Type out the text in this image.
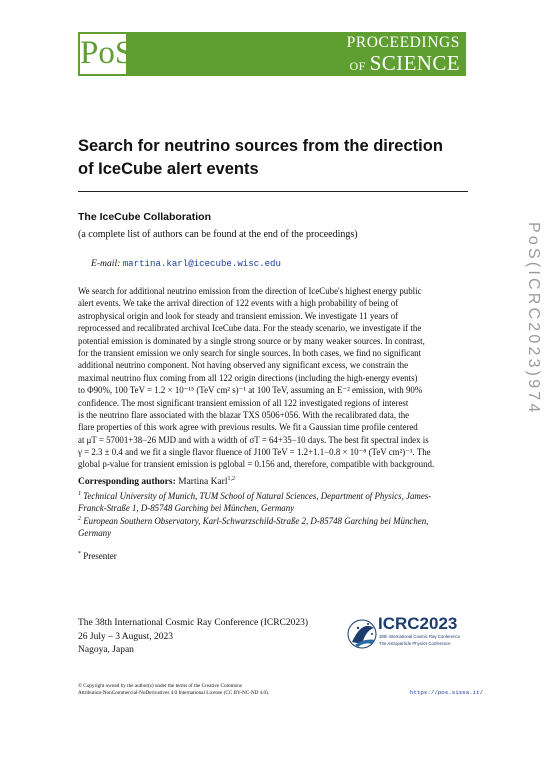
PoS	PROCEEDINGS
OF SCIENCE
Search for neutrino sources from the direction of IceCube alert events
The IceCube Collaboration
(a complete list of authors can be found at the end of the proceedings)
E-mail: martina.karl@icecube.wisc.edu
We search for additional neutrino emission from the direction of IceCube's highest energy public
alert events. We take the arrival direction of 122 events with a high probability of being of
astrophysical origin and look for steady and transient emission. We investigate 11 years of
reprocessed and recalibrated archival IceCube data. For the steady scenario, we investigate if the
potential emission is dominated by a single strong source or by many weaker sources. In contrast,
for the transient emission we only search for single sources. In both cases, we find no significant
additional neutrino component. Not having observed any significant excess, we constrain the
maximal neutrino flux coming from all 122 origin directions (including the high-energy events)
to Φ90%, 100 TeV = 1.2 × 10⁻¹⁵ (TeV cm² s)⁻¹ at 100 TeV, assuming an E⁻² emission, with 90%
confidence. The most significant transient emission of all 122 investigated regions of interest
is the neutrino flare associated with the blazar TXS 0506+056. With the recalibrated data, the
flare properties of this work agree with previous results. We fit a Gaussian time profile centered
at μT = 57001+38−26 MJD and with a width of σT = 64+35−10 days. The best fit spectral index is
γ = 2.3 ± 0.4 and we fit a single flavor fluence of J100 TeV = 1.2+1.1−0.8 × 10⁻⁸ (TeV cm²)⁻¹. The
global p-value for transient emission is pglobal = 0.156 and, therefore, compatible with background.
Corresponding authors: Martina Karl$^{1,2}$
$^1$ Technical University of Munich, TUM School of Natural Sciences, Department of Physics, James-Franck-Straße 1, D-85748 Garching bei München, Germany
$^2$ European Southern Observatory, Karl-Schwarzschild-Straße 2, D-85748 Garching bei München, Germany
* Presenter
PoS(ICRC2023)974
The 38th International Cosmic Ray Conference (ICRC2023)
26 July – 3 August, 2023
Nagoya, Japan
ICRC2023
38th International Cosmic Ray Conference
The Astroparticle Physics Conference
© Copyright owned by the author(s) under the terms of the Creative Commons
Attribution-NonCommercial-NoDerivatives 4.0 International License (CC BY-NC-ND 4.0).	https://pos.sissa.it/
